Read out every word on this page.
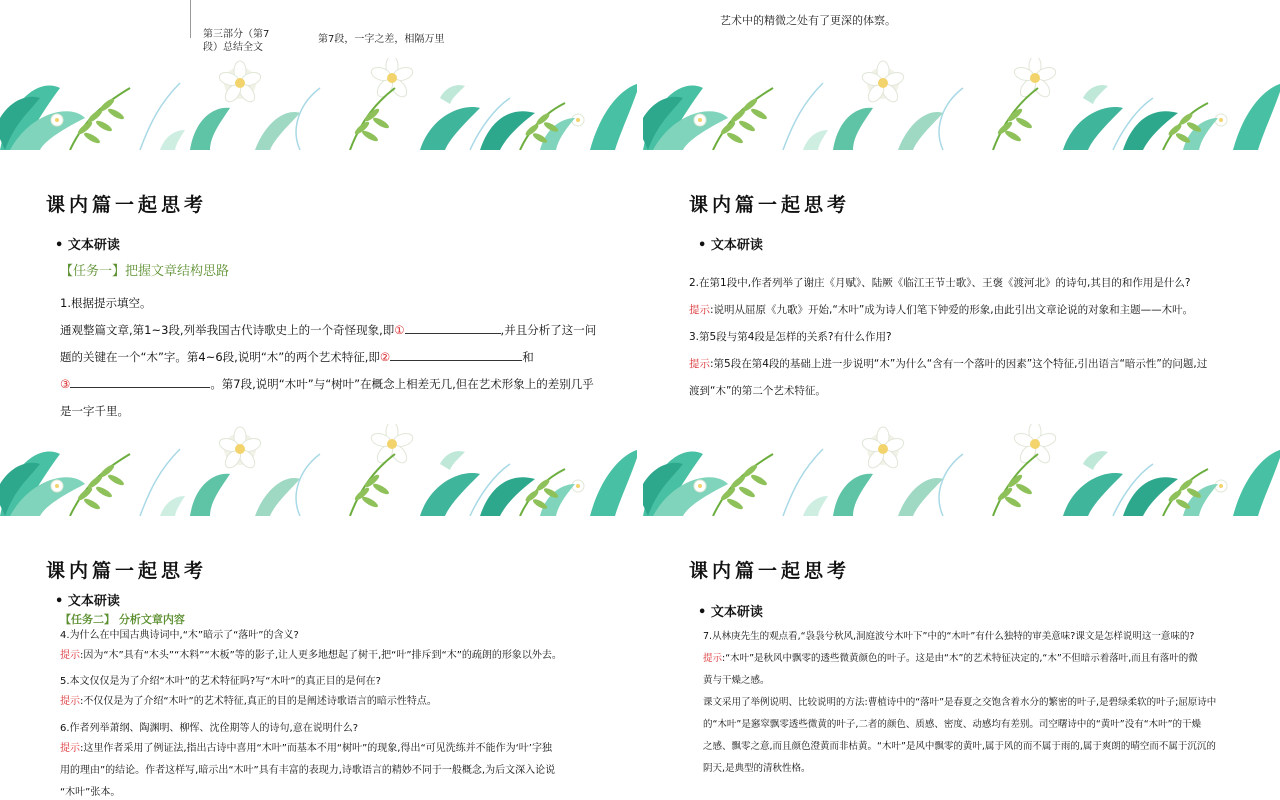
第三部分（第7
段）总结全文
第7段，一字之差，相隔万里
艺术中的精微之处有了更深的体察。
课内篇一起思考
• 文本研读
【任务一】把握文章结构思路
1.根据提示填空。
通观整篇文章,第1~3段,列举我国古代诗歌史上的一个奇怪现象,即①	,并且分析了这一问
题的关键在一个“木”字。第4~6段,说明“木”的两个艺术特征,即②	和
③	。第7段,说明“木叶”与“树叶”在概念上相差无几,但在艺术形象上的差别几乎
是一字千里。
课内篇一起思考
• 文本研读
2.在第1段中,作者列举了谢庄《月赋》、陆厥《临江王节士歌》、王褒《渡河北》的诗句,其目的和作用是什么?
提示:说明从屈原《九歌》开始,“木叶”成为诗人们笔下钟爱的形象,由此引出文章论说的对象和主题——木叶。
3.第5段与第4段是怎样的关系?有什么作用?
提示:第5段在第4段的基础上进一步说明“木”为什么“含有一个落叶的因素”这个特征,引出语言“暗示性”的问题,过
渡到“木”的第二个艺术特征。
课内篇一起思考
• 文本研读
【任务二】 分析文章内容
4.为什么在中国古典诗词中,“木”暗示了“落叶”的含义?
提示:因为“木”具有“木头”“木料”“木板”等的影子,让人更多地想起了树干,把“叶”排斥到“木”的疏朗的形象以外去。
5.本文仅仅是为了介绍“木叶”的艺术特征吗?写“木叶”的真正目的是何在?
提示:不仅仅是为了介绍“木叶”的艺术特征,真正的目的是阐述诗歌语言的暗示性特点。
6.作者列举萧纲、陶渊明、柳恽、沈佺期等人的诗句,意在说明什么?
提示:这里作者采用了例证法,指出古诗中喜用“木叶”而基本不用“树叶”的现象,得出“可见洗练并不能作为‘叶’字独
用的理由”的结论。作者这样写,暗示出“木叶”具有丰富的表现力,诗歌语言的精妙不同于一般概念,为后文深入论说
“木叶”张本。
课内篇一起思考
• 文本研读
7.从林庚先生的观点看,“袅袅兮秋风,洞庭波兮木叶下”中的“木叶”有什么独特的审美意味?课文是怎样说明这一意味的?
提示:“木叶”是秋风中飘零的透些微黄颜色的叶子。这是由“木”的艺术特征决定的,“木”不但暗示着落叶,而且有落叶的微
黄与干燥之感。
课文采用了举例说明、比较说明的方法:曹植诗中的“落叶”是春夏之交饱含着水分的繁密的叶子,是碧绿柔软的叶子;屈原诗中
的“木叶”是窸窣飘零透些微黄的叶子,二者的颜色、质感、密度、动感均有差别。司空曙诗中的“黄叶”没有“木叶”的干燥
之感、飘零之意,而且颜色澄黄而非枯黄。“木叶”是风中飘零的黄叶,属于风的而不属于雨的,属于爽朗的晴空而不属于沉沉的
阴天,是典型的清秋性格。
